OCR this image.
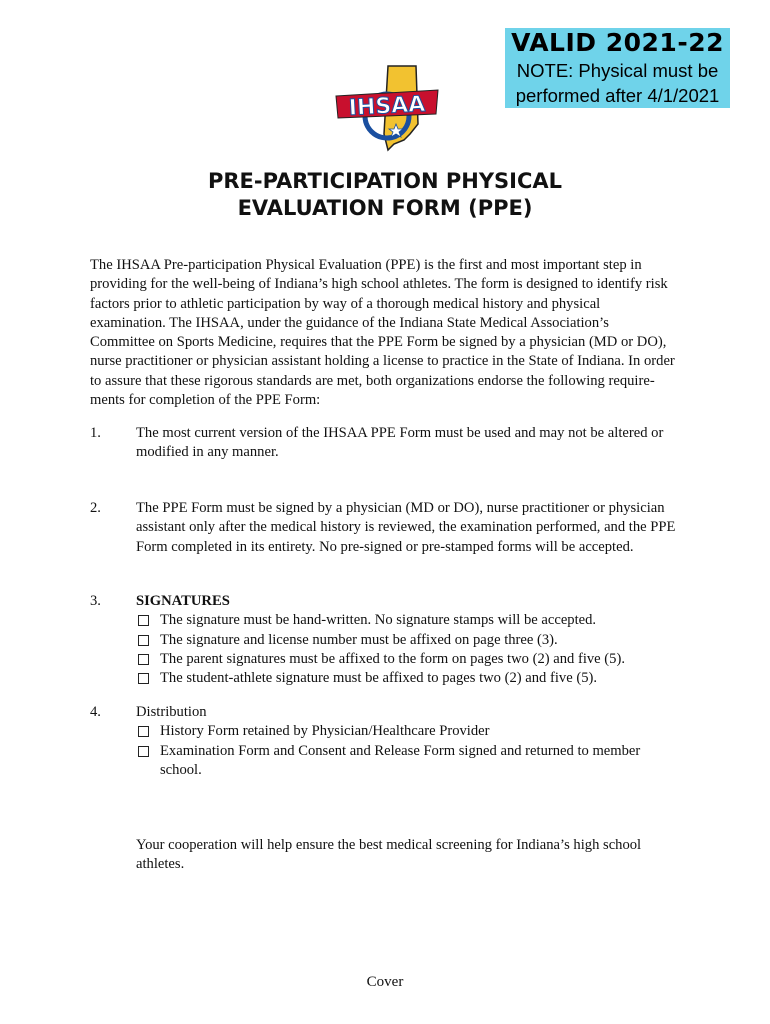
VALID 2021-22
NOTE: Physical must be
performed after 4/1/2021
IHSAA
PRE-PARTICIPATION PHYSICAL
EVALUATION FORM (PPE)
The IHSAA Pre-participation Physical Evaluation (PPE) is the first and most important step in providing for the well-being of Indiana’s high school athletes. The form is designed to identify risk factors prior to athletic participation by way of a thorough medical history and physical examination. The IHSAA, under the guidance of the Indiana State Medical Association’s Committee on Sports Medicine, requires that the PPE Form be signed by a physician (MD or DO), nurse practitioner or physician assistant holding a license to practice in the State of Indiana. In order to assure that these rigorous standards are met, both organizations endorse the following require-ments for completion of the PPE Form:
1. The most current version of the IHSAA PPE Form must be used and may not be altered or modified in any manner.
2. The PPE Form must be signed by a physician (MD or DO), nurse practitioner or physician assistant only after the medical history is reviewed, the examination performed, and the PPE Form completed in its entirety. No pre-signed or pre-stamped forms will be accepted.
3. SIGNATURES
The signature must be hand-written. No signature stamps will be accepted.
The signature and license number must be affixed on page three (3).
The parent signatures must be affixed to the form on pages two (2) and five (5).
The student-athlete signature must be affixed to pages two (2) and five (5).
4. Distribution
History Form retained by Physician/Healthcare Provider
Examination Form and Consent and Release Form signed and returned to member school.
Your cooperation will help ensure the best medical screening for Indiana’s high school athletes.
Cover
